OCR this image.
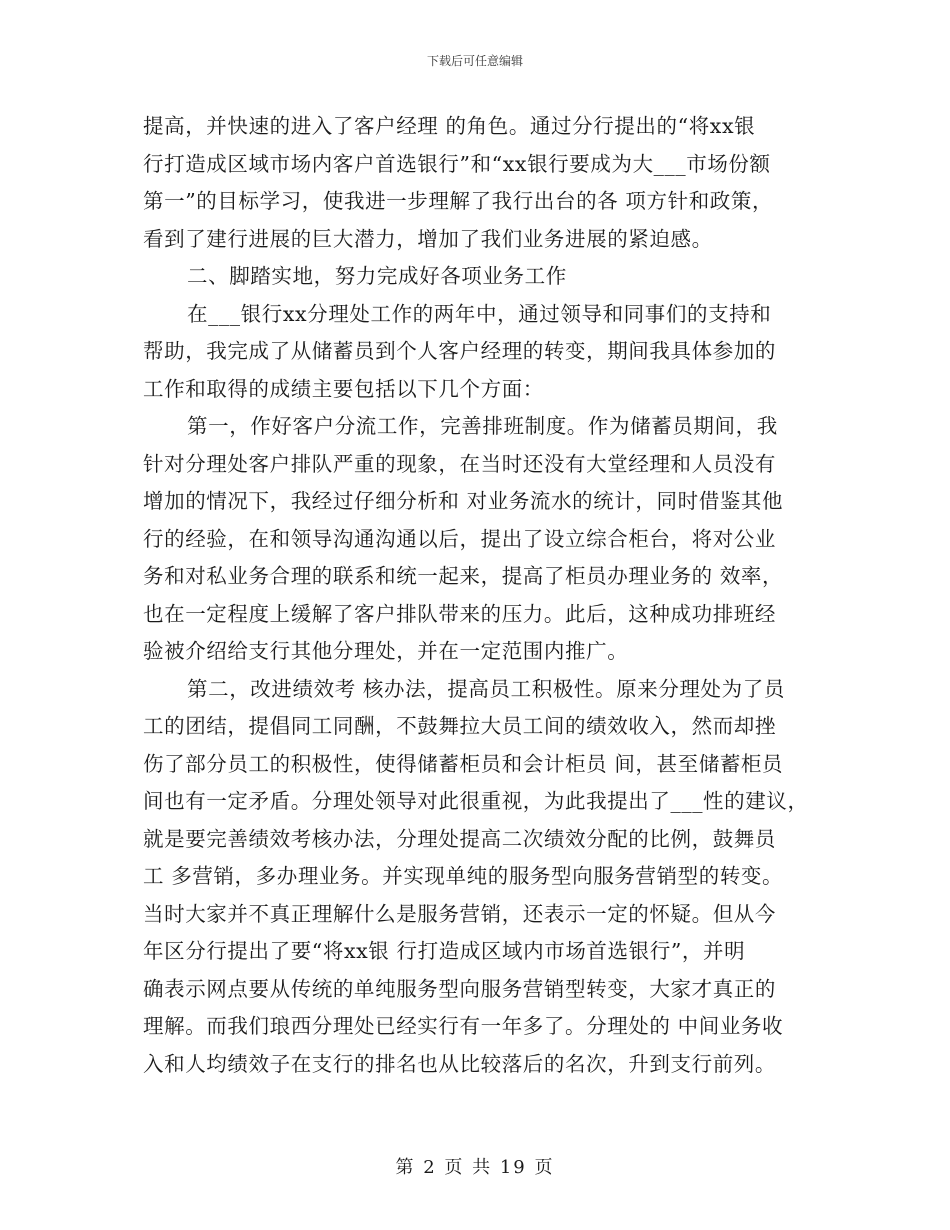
下载后可任意编辑
提高，并快速的进入了客户经理 的角色。通过分行提出的“将xx银
行打造成区域市场内客户首选银行”和“xx银行要成为大___市场份额
第一”的目标学习，使我进一步理解了我行出台的各 项方针和政策，
看到了建行进展的巨大潜力，增加了我们业务进展的紧迫感。
二、脚踏实地，努力完成好各项业务工作
在___银行xx分理处工作的两年中，通过领导和同事们的支持和
帮助，我完成了从储蓄员到个人客户经理的转变，期间我具体参加的
工作和取得的成绩主要包括以下几个方面：
第一，作好客户分流工作，完善排班制度。作为储蓄员期间，我
针对分理处客户排队严重的现象，在当时还没有大堂经理和人员没有
增加的情况下，我经过仔细分析和 对业务流水的统计，同时借鉴其他
行的经验，在和领导沟通沟通以后，提出了设立综合柜台，将对公业
务和对私业务合理的联系和统一起来，提高了柜员办理业务的 效率，
也在一定程度上缓解了客户排队带来的压力。此后，这种成功排班经
验被介绍给支行其他分理处，并在一定范围内推广。
第二，改进绩效考 核办法，提高员工积极性。原来分理处为了员
工的团结，提倡同工同酬，不鼓舞拉大员工间的绩效收入，然而却挫
伤了部分员工的积极性，使得储蓄柜员和会计柜员 间，甚至储蓄柜员
间也有一定矛盾。分理处领导对此很重视，为此我提出了___性的建议，
就是要完善绩效考核办法，分理处提高二次绩效分配的比例，鼓舞员
工 多营销，多办理业务。并实现单纯的服务型向服务营销型的转变。
当时大家并不真正理解什么是服务营销，还表示一定的怀疑。但从今
年区分行提出了要“将xx银 行打造成区域内市场首选银行”，并明
确表示网点要从传统的单纯服务型向服务营销型转变，大家才真正的
理解。而我们琅西分理处已经实行有一年多了。分理处的 中间业务收
入和人均绩效子在支行的排名也从比较落后的名次，升到支行前列。
第 2 页 共 19 页
